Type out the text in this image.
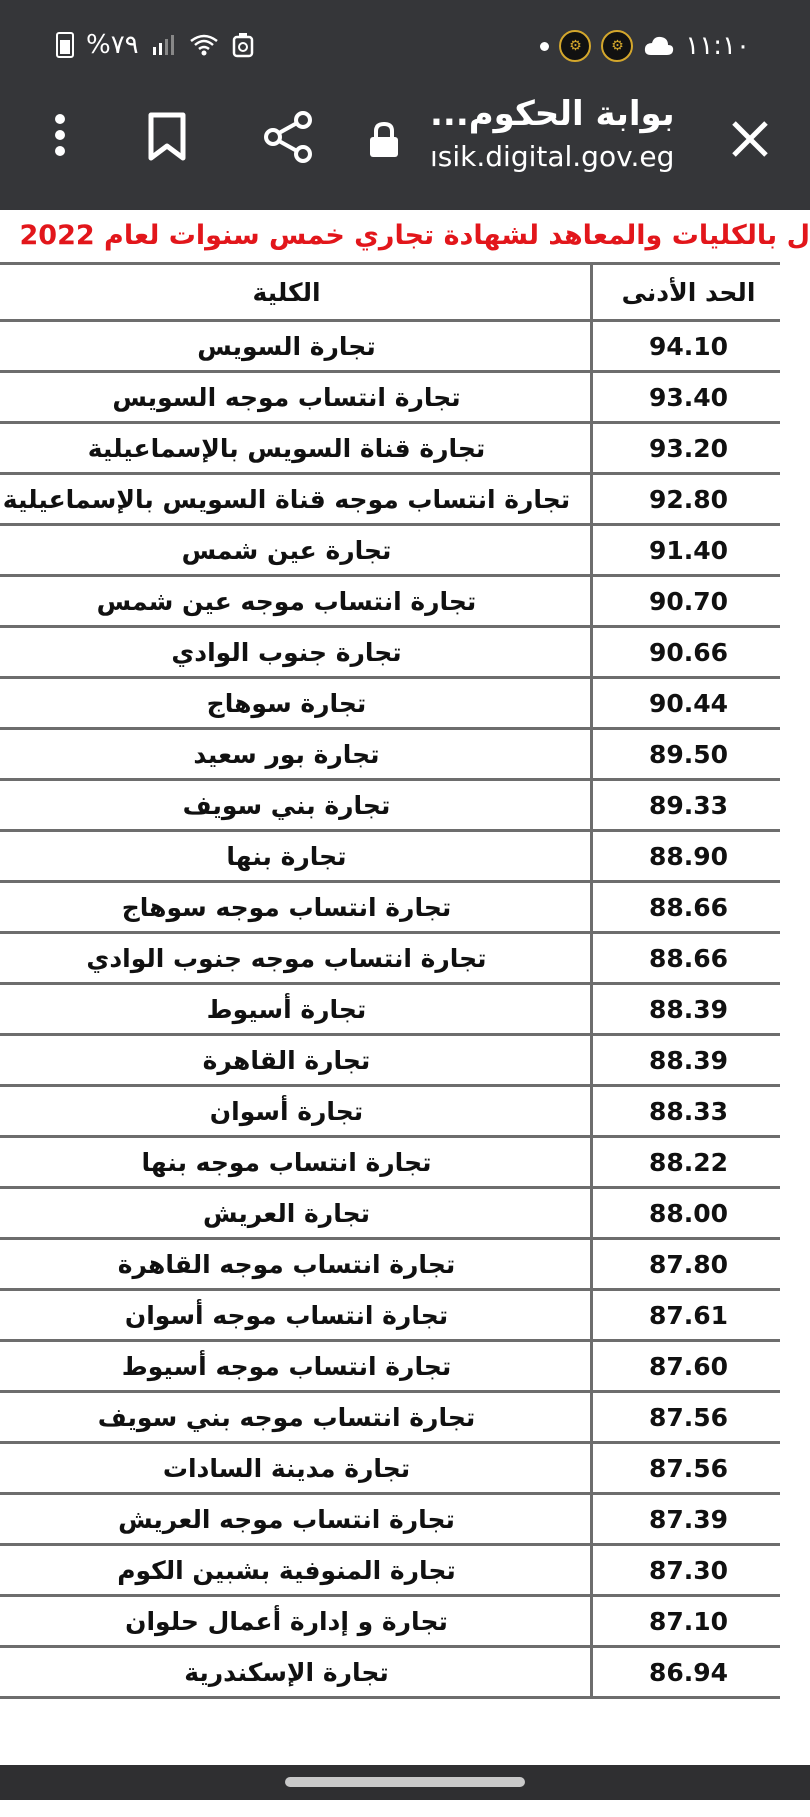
%٧٩	⚙	⚙	١١:١٠
بوابة الحكوم...
ısik.digital.gov.eg
ل بالكليات والمعاهد لشهادة تجاري خمس سنوات لعام 2022
الحد الأدنى	الكلية
94.10	تجارة السويس
93.40	تجارة انتساب موجه السويس
93.20	تجارة قناة السويس بالإسماعيلية
92.80	تجارة انتساب موجه قناة السويس بالإسماعيلية
91.40	تجارة عين شمس
90.70	تجارة انتساب موجه عين شمس
90.66	تجارة جنوب الوادي
90.44	تجارة سوهاج
89.50	تجارة بور سعيد
89.33	تجارة بني سويف
88.90	تجارة بنها
88.66	تجارة انتساب موجه سوهاج
88.66	تجارة انتساب موجه جنوب الوادي
88.39	تجارة أسيوط
88.39	تجارة القاهرة
88.33	تجارة أسوان
88.22	تجارة انتساب موجه بنها
88.00	تجارة العريش
87.80	تجارة انتساب موجه القاهرة
87.61	تجارة انتساب موجه أسوان
87.60	تجارة انتساب موجه أسيوط
87.56	تجارة انتساب موجه بني سويف
87.56	تجارة مدينة السادات
87.39	تجارة انتساب موجه العريش
87.30	تجارة المنوفية بشبين الكوم
87.10	تجارة و إدارة أعمال حلوان
86.94	تجارة الإسكندرية
